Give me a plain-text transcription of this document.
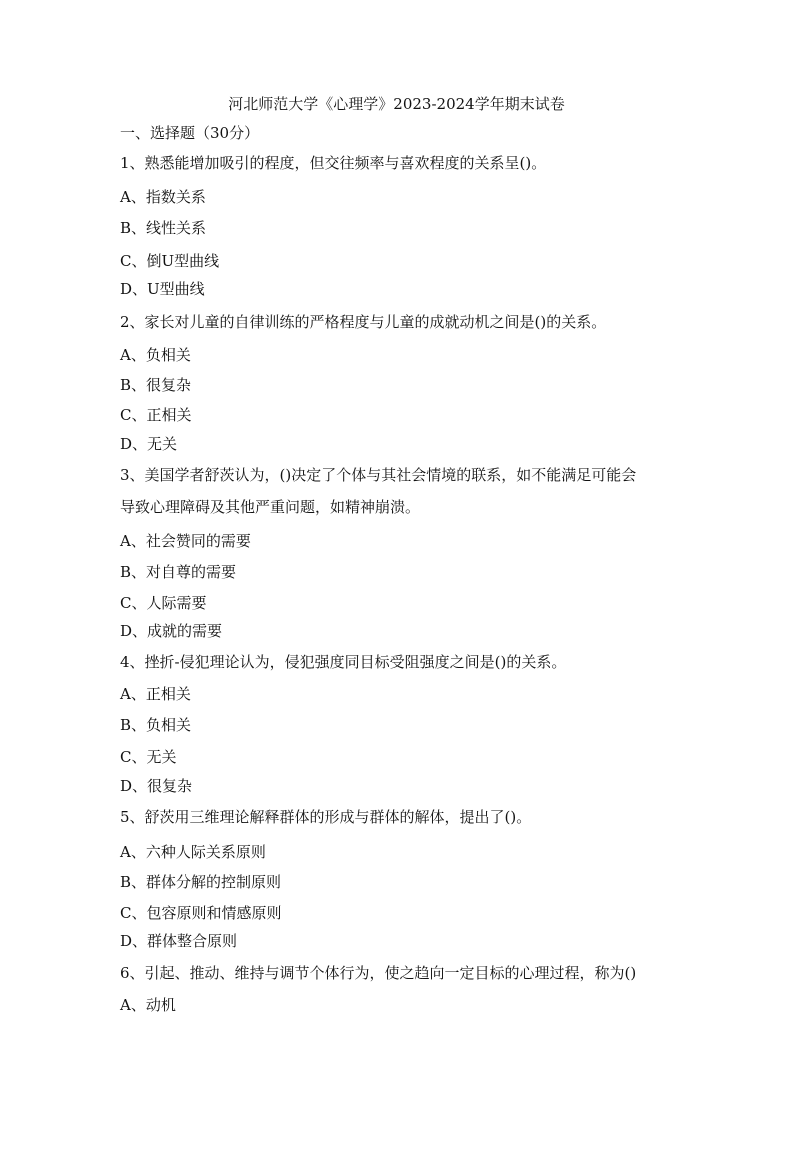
河北师范大学《心理学》2023-2024学年期末试卷
一、选择题（30分）
1、熟悉能增加吸引的程度，但交往频率与喜欢程度的关系呈()。
A、指数关系
B、线性关系
C、倒U型曲线
D、U型曲线
2、家长对儿童的自律训练的严格程度与儿童的成就动机之间是()的关系。
A、负相关
B、很复杂
C、正相关
D、无关
3、美国学者舒茨认为，()决定了个体与其社会情境的联系，如不能满足可能会
导致心理障碍及其他严重问题，如精神崩溃。
A、社会赞同的需要
B、对自尊的需要
C、人际需要
D、成就的需要
4、挫折-侵犯理论认为，侵犯强度同目标受阻强度之间是()的关系。
A、正相关
B、负相关
C、无关
D、很复杂
5、舒茨用三维理论解释群体的形成与群体的解体，提出了()。
A、六种人际关系原则
B、群体分解的控制原则
C、包容原则和情感原则
D、群体整合原则
6、引起、推动、维持与调节个体行为，使之趋向一定目标的心理过程，称为()
A、动机
